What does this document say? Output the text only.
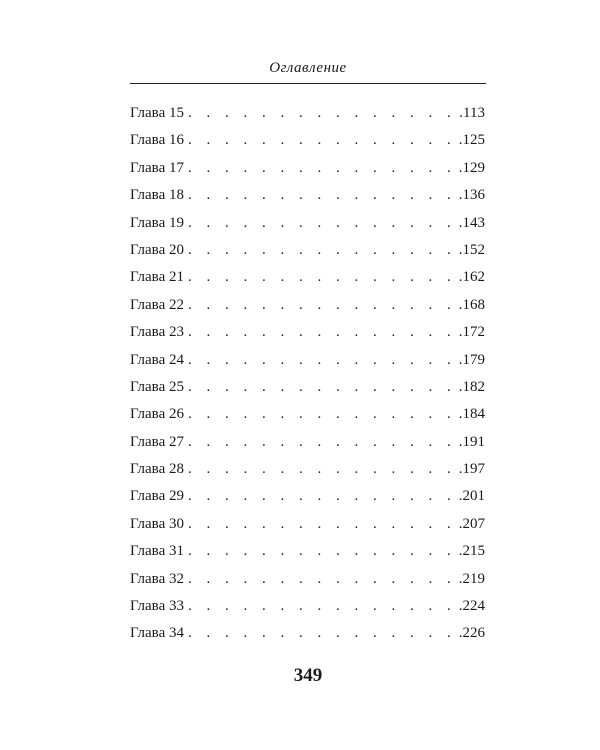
Оглавление
Глава 15 . . .	. 113
Глава 16 . . .	. 125
Глава 17 . . .	. 129
Глава 18 . . .	. 136
Глава 19 . . .	. 143
Глава 20 . . .	. 152
Глава 21 . . .	. 162
Глава 22 . . .	. 168
Глава 23 . . .	. 172
Глава 24 . . .	. 179
Глава 25 . . .	. 182
Глава 26 . . .	. 184
Глава 27 . . .	. 191
Глава 28 . . .	. 197
Глава 29 . . .	. 201
Глава 30 . . .	. 207
Глава 31 . . .	. 215
Глава 32 . . .	. 219
Глава 33 . . .	. 224
Глава 34 . . .	. 226
349
